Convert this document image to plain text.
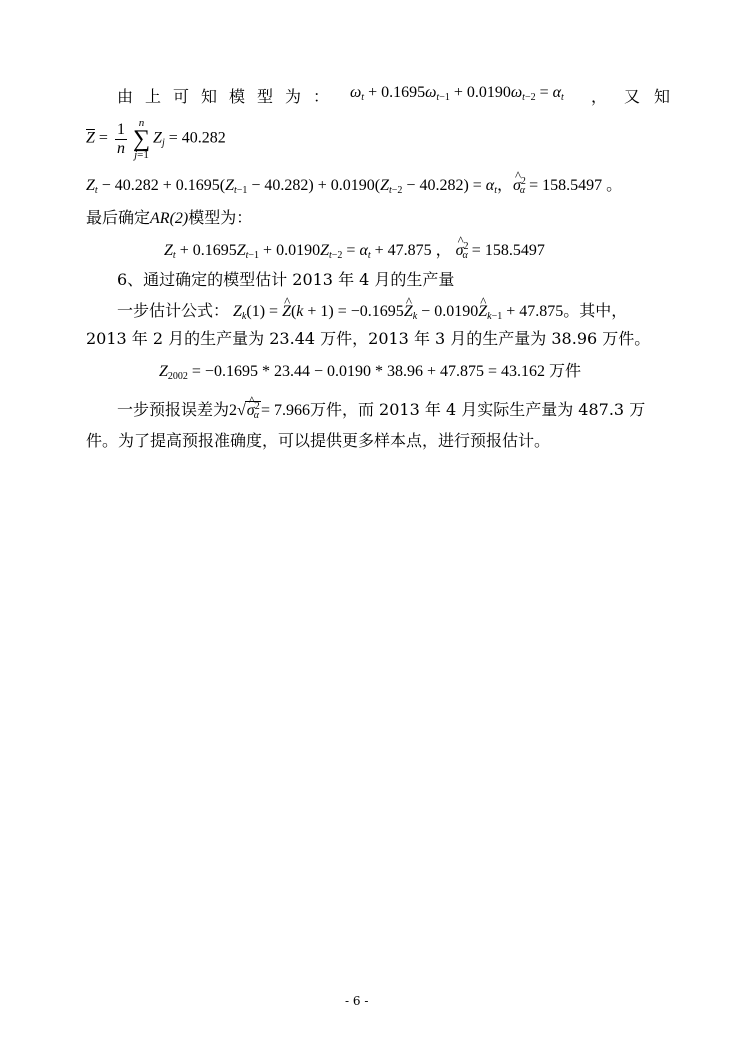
由上可知模型为： $\omega_t + 0.1695\omega_{t-1} + 0.0190\omega_{t-2} = \alpha_t$ ， 又知
$\overline{Z} = \frac{1}{n}$ n
∑
$j=1Z_j = 40.282$
$Z_t - 40.282 + 0.1695(Z_{t-1} - 40.282) + 0.0190(Z_{t-2} - 40.282) = \alpha_t$，^ $\sigma^2_\alpha = 158.5497$ 。
最后确定AR(2)模型为：
$Z_t + 0.1695Z_{t-1} + 0.0190Z_{t-2} = \alpha_t + 47.875$ ， ^ $\sigma^2_\alpha = 158.5497$
6、通过确定的模型估计 2013 年 4 月的生产量
一步估计公式： $Z_k(1)$ = ^ Z(k + 1) = −0.1695^ $Z_k$ − 0.0190^ $Z_{k-1} + 47.875$。其中，
2013 年 2 月的生产量为 23.44 万件，2013 年 3 月的生产量为 38.96 万件。
$Z_{2002} = -0.1695 * 23.44 - 0.0190 * 38.96 + 47.875 = 43.162$ 万件
一步预报误差为2√^ $\sigma^2_\alpha = 7.966$万件，而 2013 年 4 月实际生产量为 487.3 万
件。为了提高预报准确度，可以提供更多样本点，进行预报估计。
- 6 -
